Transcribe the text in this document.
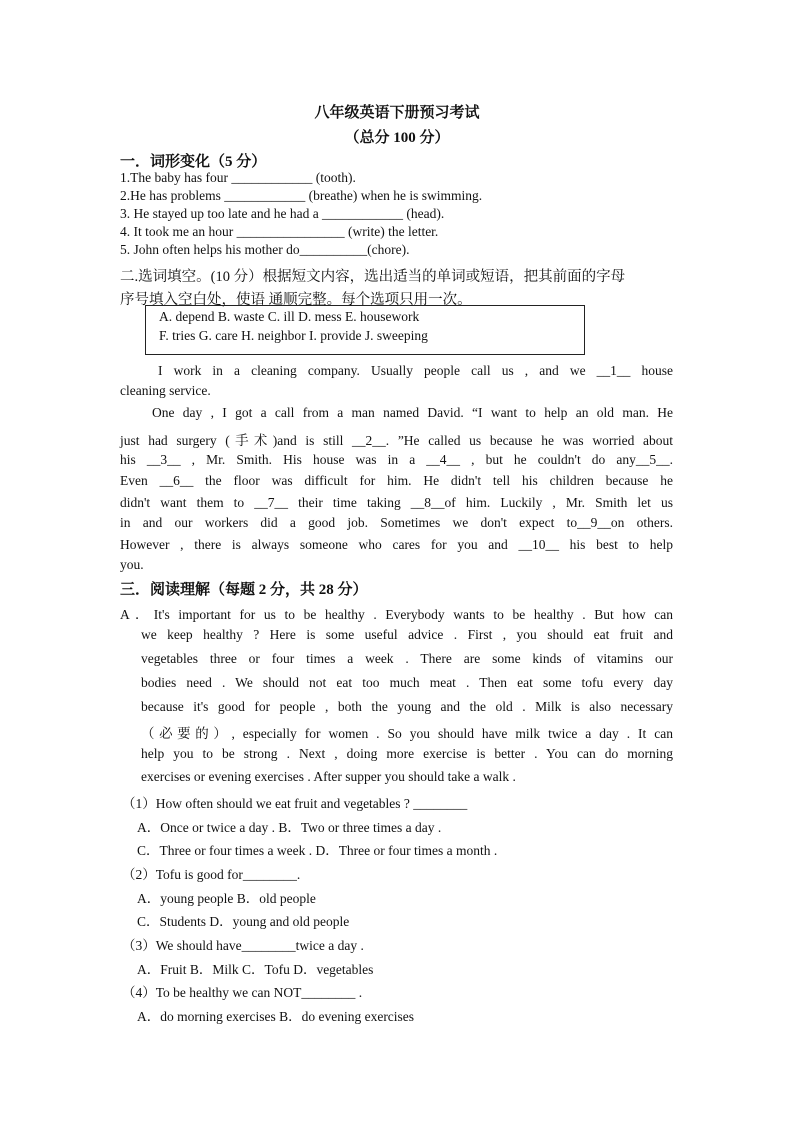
八年级英语下册预习考试
（总分 100 分）
一．词形变化（5 分）
1.The baby has four ____________ (tooth).
2.He has problems ____________ (breathe) when he is swimming.
3. He stayed up too late and he had a ____________ (head).
4. It took me an hour ________________ (write) the letter.
5. John often helps his mother do__________(chore).
二.选词填空。(10 分）根据短文内容，选出适当的单词或短语，把其前面的字母
序号填入空白处，使语 通顺完整。每个选项只用一次。
A. depend B. waste C. ill D. mess E. housework
F. tries G. care H. neighbor I. provide J. sweeping
I work in a cleaning company. Usually people call us , and we __1__ house
cleaning service.
One day , I got a call from a man named David. “I want to help an old man. He
just had surgery (手术)and is still __2__. ”He called us because he was worried about
his __3__ , Mr. Smith. His house was in a __4__ , but he couldn't do any__5__.
Even __6__ the floor was difficult for him. He didn't tell his children because he
didn't want them to __7__ their time taking __8__of him. Luckily , Mr. Smith let us
in and our workers did a good job. Sometimes we don't expect to__9__on others.
However , there is always someone who cares for you and __10__ his best to help
you.
三．阅读理解（每题 2 分，共 28 分）
A．It's important for us to be healthy . Everybody wants to be healthy . But how can
we keep healthy ? Here is some useful advice . First , you should eat fruit and
vegetables three or four times a week . There are some kinds of vitamins our
bodies need . We should not eat too much meat . Then eat some tofu every day
because it's good for people , both the young and the old . Milk is also necessary
（必要的）, especially for women . So you should have milk twice a day . It can
help you to be strong . Next , doing more exercise is better . You can do morning
exercises or evening exercises . After supper you should take a walk .
（1）How often should we eat fruit and vegetables ? ________
A．Once or twice a day . B．Two or three times a day .
C．Three or four times a week . D．Three or four times a month .
（2）Tofu is good for________.
A．young people B．old people
C．Students D．young and old people
（3）We should have________twice a day .
A．Fruit B．Milk C．Tofu D．vegetables
（4）To be healthy we can NOT________ .
A．do morning exercises B．do evening exercises
